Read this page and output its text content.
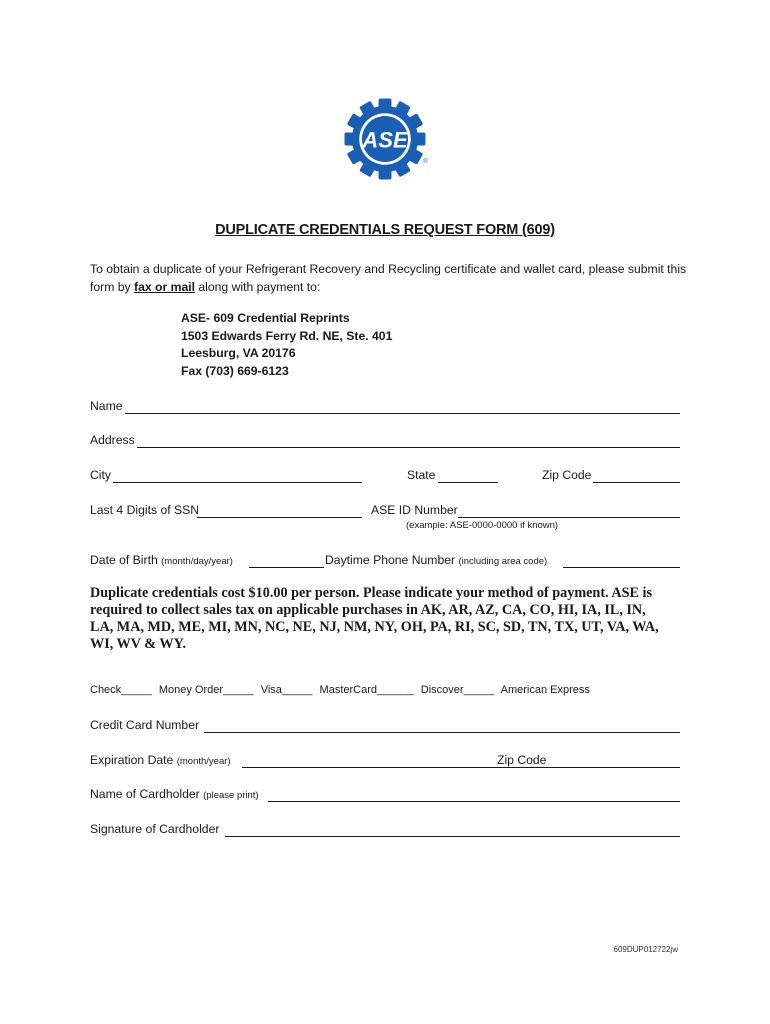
ASE
®
DUPLICATE CREDENTIALS REQUEST FORM (609)
To obtain a duplicate of your Refrigerant Recovery and Recycling certificate and wallet card, please submit this form by fax or mail along with payment to:
ASE- 609 Credential Reprints
1503 Edwards Ferry Rd. NE, Ste. 401
Leesburg, VA 20176
Fax (703) 669-6123
Name
Address
City	State	Zip Code
Last 4 Digits of SSN	ASE ID Number
(example: ASE-0000-0000 if known)
Date of Birth (month/day/year)	Daytime Phone Number (including area code)
Duplicate credentials cost $10.00 per person. Please indicate your method of payment. ASE is required to collect sales tax on applicable purchases in AK, AR, AZ, CA, CO, HI, IA, IL, IN, LA, MA, MD, ME, MI, MN, NC, NE, NJ, NM, NY, OH, PA, RI, SC, SD, TN, TX, UT, VA, WA, WI, WV & WY.
Check_____ Money Order_____ Visa_____ MasterCard______ Discover_____ American Express
Credit Card Number
Expiration Date (month/year)	Zip Code
Name of Cardholder (please print)
Signature of Cardholder
609DUP012722jw
